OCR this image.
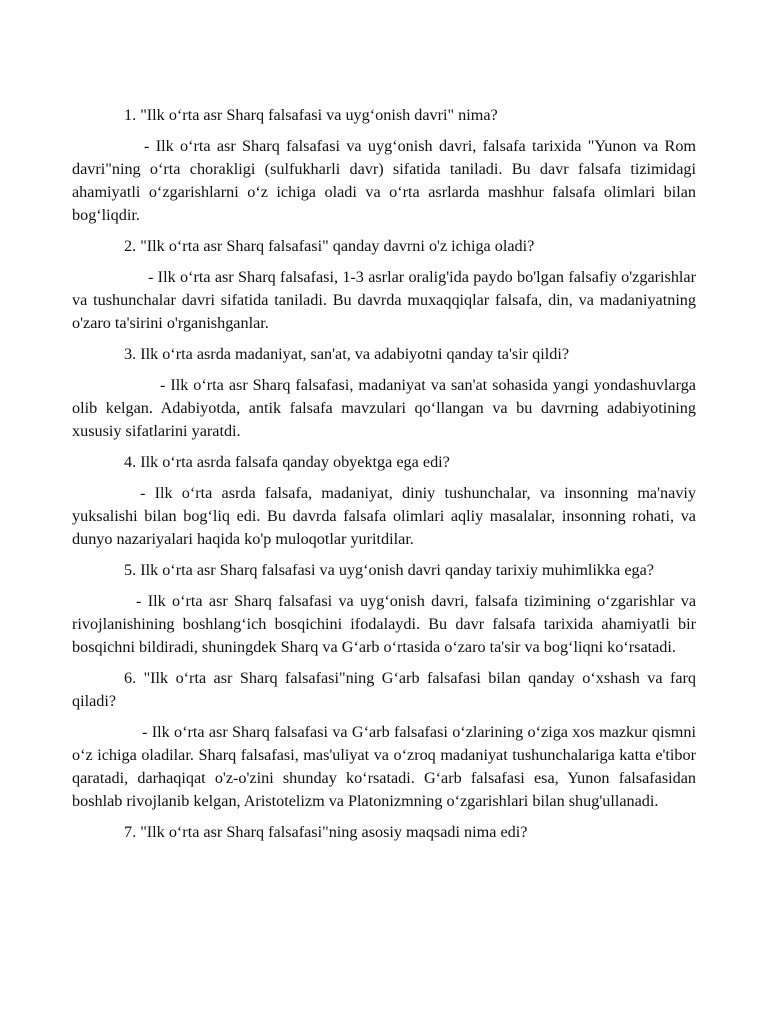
1. "Ilk o‘rta asr Sharq falsafasi va uyg‘onish davri" nima?

- Ilk o‘rta asr Sharq falsafasi va uyg‘onish davri, falsafa tarixida "Yunon va Rom davri"ning o‘rta chorakligi (sulfukharli davr) sifatida taniladi. Bu davr falsafa tizimidagi ahamiyatli o‘zgarishlarni o‘z ichiga oladi va o‘rta asrlarda mashhur falsafa olimlari bilan bog‘liqdir.

2. "Ilk o‘rta asr Sharq falsafasi" qanday davrni o'z ichiga oladi?

- Ilk o‘rta asr Sharq falsafasi, 1-3 asrlar oralig'ida paydo bo'lgan falsafiy o'zgarishlar va tushunchalar davri sifatida taniladi. Bu davrda muxaqqiqlar falsafa, din, va madaniyatning o'zaro ta'sirini o'rganishganlar.

3. Ilk o‘rta asrda madaniyat, san'at, va adabiyotni qanday ta'sir qildi?

- Ilk o‘rta asr Sharq falsafasi, madaniyat va san'at sohasida yangi yondashuvlarga olib kelgan. Adabiyotda, antik falsafa mavzulari qo‘llangan va bu davrning adabiyotining xususiy sifatlarini yaratdi.

4. Ilk o‘rta asrda falsafa qanday obyektga ega edi?

- Ilk o‘rta asrda falsafa, madaniyat, diniy tushunchalar, va insonning ma'naviy yuksalishi bilan bog‘liq edi. Bu davrda falsafa olimlari aqliy masalalar, insonning rohati, va dunyo nazariyalari haqida ko'p muloqotlar yuritdilar.

5. Ilk o‘rta asr Sharq falsafasi va uyg‘onish davri qanday tarixiy muhimlikka ega?

- Ilk o‘rta asr Sharq falsafasi va uyg‘onish davri, falsafa tizimining o‘zgarishlar va rivojlanishining boshlang‘ich bosqichini ifodalaydi. Bu davr falsafa tarixida ahamiyatli bir bosqichni bildiradi, shuningdek Sharq va G‘arb o‘rtasida o‘zaro ta'sir va bog‘liqni ko‘rsatadi.

6. "Ilk o‘rta asr Sharq falsafasi"ning G‘arb falsafasi bilan qanday o‘xshash va farq qiladi?

- Ilk o‘rta asr Sharq falsafasi va G‘arb falsafasi o‘zlarining o‘ziga xos mazkur qismni o‘z ichiga oladilar. Sharq falsafasi, mas'uliyat va o‘zroq madaniyat tushunchalariga katta e'tibor qaratadi, darhaqiqat o'z-o'zini shunday ko‘rsatadi. G‘arb falsafasi esa, Yunon falsafasidan boshlab rivojlanib kelgan, Aristotelizm va Platonizmning o‘zgarishlari bilan shug'ullanadi.

7. "Ilk o‘rta asr Sharq falsafasi"ning asosiy maqsadi nima edi?
